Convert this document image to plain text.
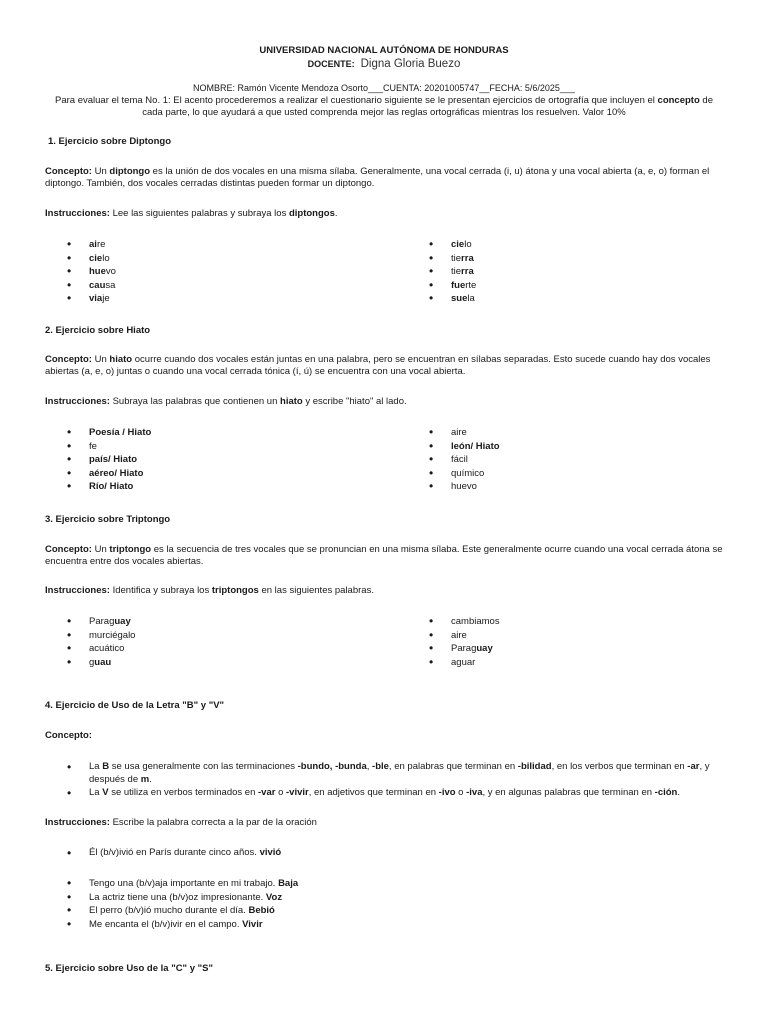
UNIVERSIDAD NACIONAL AUTÓNOMA DE HONDURAS
DOCENTE: Digna Gloria Buezo
NOMBRE: Ramón Vicente Mendoza Osorto___CUENTA: 20201005747__FECHA: 5/6/2025___
Para evaluar el tema No. 1: El acento procederemos a realizar el cuestionario siguiente se le presentan ejercicios de ortografía que incluyen el concepto de cada parte, lo que ayudará a que usted comprenda mejor las reglas ortográficas mientras los resuelven. Valor 10%
1. Ejercicio sobre Diptongo
Concepto: Un diptongo es la unión de dos vocales en una misma sílaba. Generalmente, una vocal cerrada (i, u) átona y una vocal abierta (a, e, o) forman el diptongo. También, dos vocales cerradas distintas pueden formar un diptongo.
Instrucciones: Lee las siguientes palabras y subraya los diptongos.
• aire
• cielo
• huevo
• causa
• viaje
• cielo
• tierra
• tierra
• fuerte
• suela
2. Ejercicio sobre Hiato
Concepto: Un hiato ocurre cuando dos vocales están juntas en una palabra, pero se encuentran en sílabas separadas. Esto sucede cuando hay dos vocales abiertas (a, e, o) juntas o cuando una vocal cerrada tónica (í, ú) se encuentra con una vocal abierta.
Instrucciones: Subraya las palabras que contienen un hiato y escribe "hiato" al lado.
• Poesía / Hiato
• fe
• país/ Hiato
• aéreo/ Hiato
• Río/ Hiato
• aire
• león/ Hiato
• fácil
• químico
• huevo
3. Ejercicio sobre Triptongo
Concepto: Un triptongo es la secuencia de tres vocales que se pronuncian en una misma sílaba. Este generalmente ocurre cuando una vocal cerrada átona se encuentra entre dos vocales abiertas.
Instrucciones: Identifica y subraya los triptongos en las siguientes palabras.
• Paraguay
• murciégalo
• acuático
• guau
• cambiamos
• aire
• Paraguay
• aguar
4. Ejercicio de Uso de la Letra "B" y "V"
Concepto:
• La B se usa generalmente con las terminaciones -bundo, -bunda, -ble, en palabras que terminan en -bilidad, en los verbos que terminan en -ar, y después de m.
• La V se utiliza en verbos terminados en -var o -vivir, en adjetivos que terminan en -ivo o -iva, y en algunas palabras que terminan en -ción.
Instrucciones: Escribe la palabra correcta a la par de la oración
• Él (b/v)ivió en París durante cinco años. vivió
• Tengo una (b/v)aja importante en mi trabajo. Baja
• La actriz tiene una (b/v)oz impresionante. Voz
• El perro (b/v)ió mucho durante el día. Bebió
• Me encanta el (b/v)ivir en el campo. Vivir
5. Ejercicio sobre Uso de la "C" y "S"
